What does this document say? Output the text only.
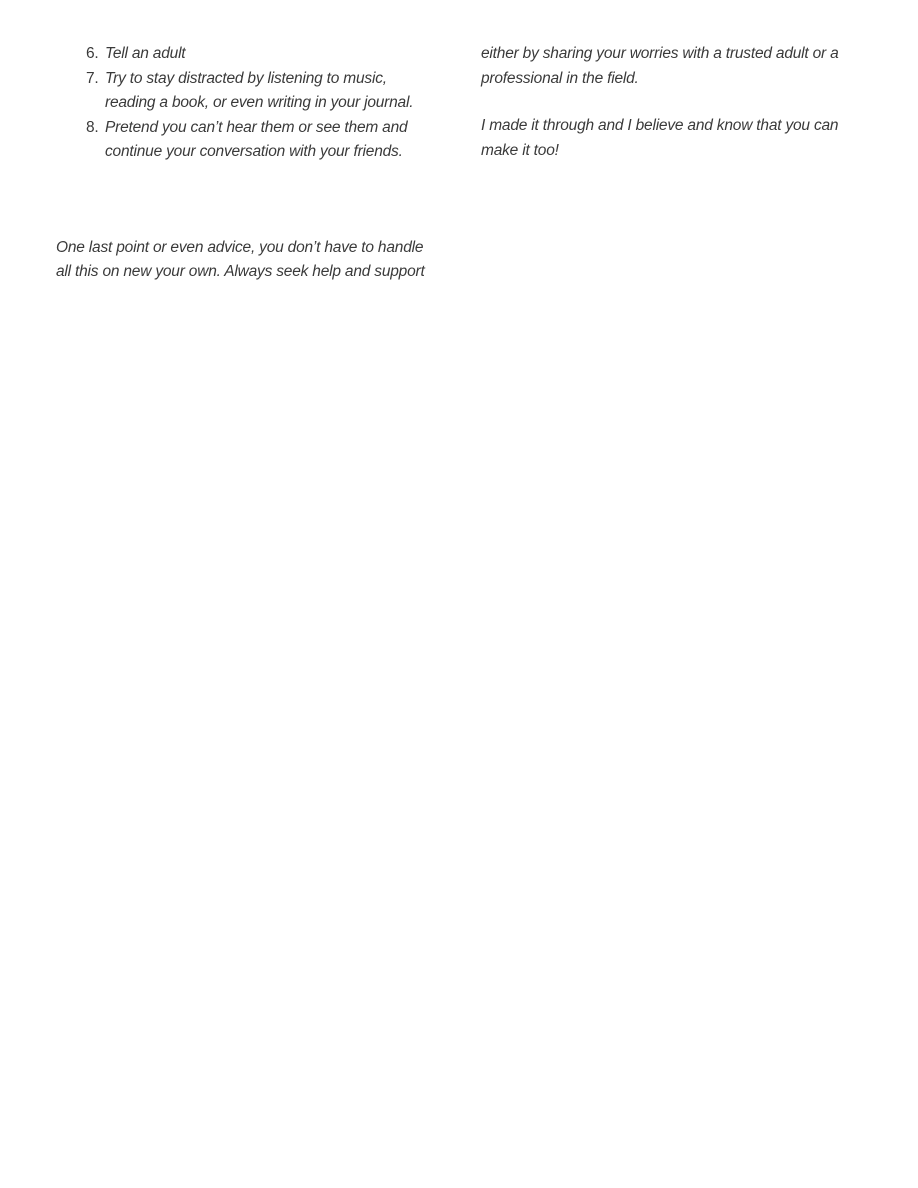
6. Tell an adult
7. Try to stay distracted by listening to music, reading a book, or even writing in your journal.
8. Pretend you can’t hear them or see them and continue your conversation with your friends.

One last point or even advice, you don’t have to handle all this on new your own. Always seek help and support

either by sharing your worries with a trusted adult or a professional in the field.

I made it through and I believe and know that you can make it too!
